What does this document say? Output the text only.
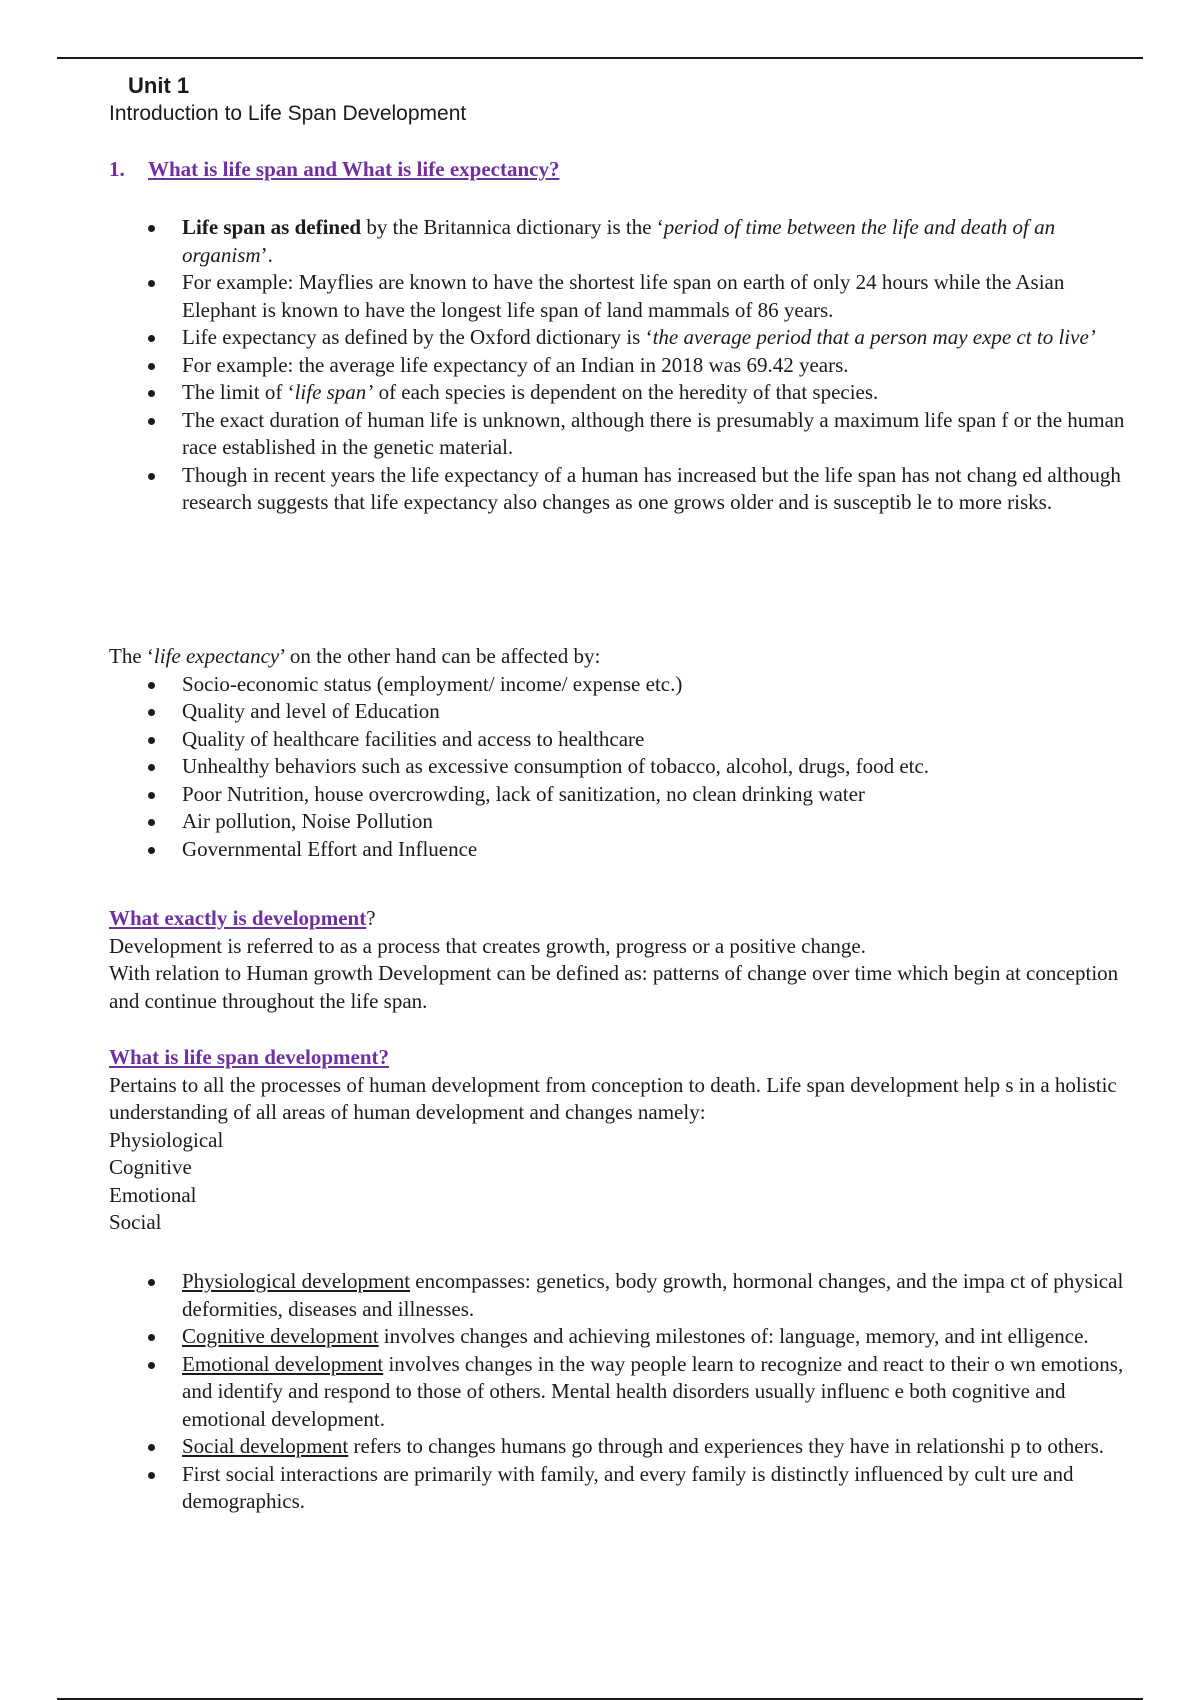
Unit 1
Introduction to Life Span Development
1. What is life span and What is life expectancy?
Life span as defined by the Britannica dictionary is the ‘period of time between the life and death of an organism’.
For example: Mayflies are known to have the shortest life span on earth of only 24 hours while the Asian Elephant is known to have the longest life span of land mammals of 86 years.
Life expectancy as defined by the Oxford dictionary is ‘the average period that a person may expe ct to live’
For example: the average life expectancy of an Indian in 2018 was 69.42 years.
The limit of ‘life span’ of each species is dependent on the heredity of that species.
The exact duration of human life is unknown, although there is presumably a maximum life span f or the human race established in the genetic material.
Though in recent years the life expectancy of a human has increased but the life span has not chang ed although research suggests that life expectancy also changes as one grows older and is susceptib le to more risks.

The ‘life expectancy’ on the other hand can be affected by:

Socio-economic status (employment/ income/ expense etc.)
Quality and level of Education
Quality of healthcare facilities and access to healthcare
Unhealthy behaviors such as excessive consumption of tobacco, alcohol, drugs, food etc.
Poor Nutrition, house overcrowding, lack of sanitization, no clean drinking water
Air pollution, Noise Pollution
Governmental Effort and Influence

What exactly is development?

Development is referred to as a process that creates growth, progress or a positive change.

With relation to Human growth Development can be defined as: patterns of change over time which begin at conception and continue throughout the life span.

What is life span development?

Pertains to all the processes of human development from conception to death. Life span development help s in a holistic understanding of all areas of human development and changes namely:

Physiological

Cognitive

Emotional

Social

Physiological development encompasses: genetics, body growth, hormonal changes, and the impa ct of physical deformities, diseases and illnesses.
Cognitive development involves changes and achieving milestones of: language, memory, and int elligence.
Emotional development involves changes in the way people learn to recognize and react to their o wn emotions, and identify and respond to those of others. Mental health disorders usually influenc e both cognitive and emotional development.
Social development refers to changes humans go through and experiences they have in relationshi p to others.
First social interactions are primarily with family, and every family is distinctly influenced by cult ure and demographics.
